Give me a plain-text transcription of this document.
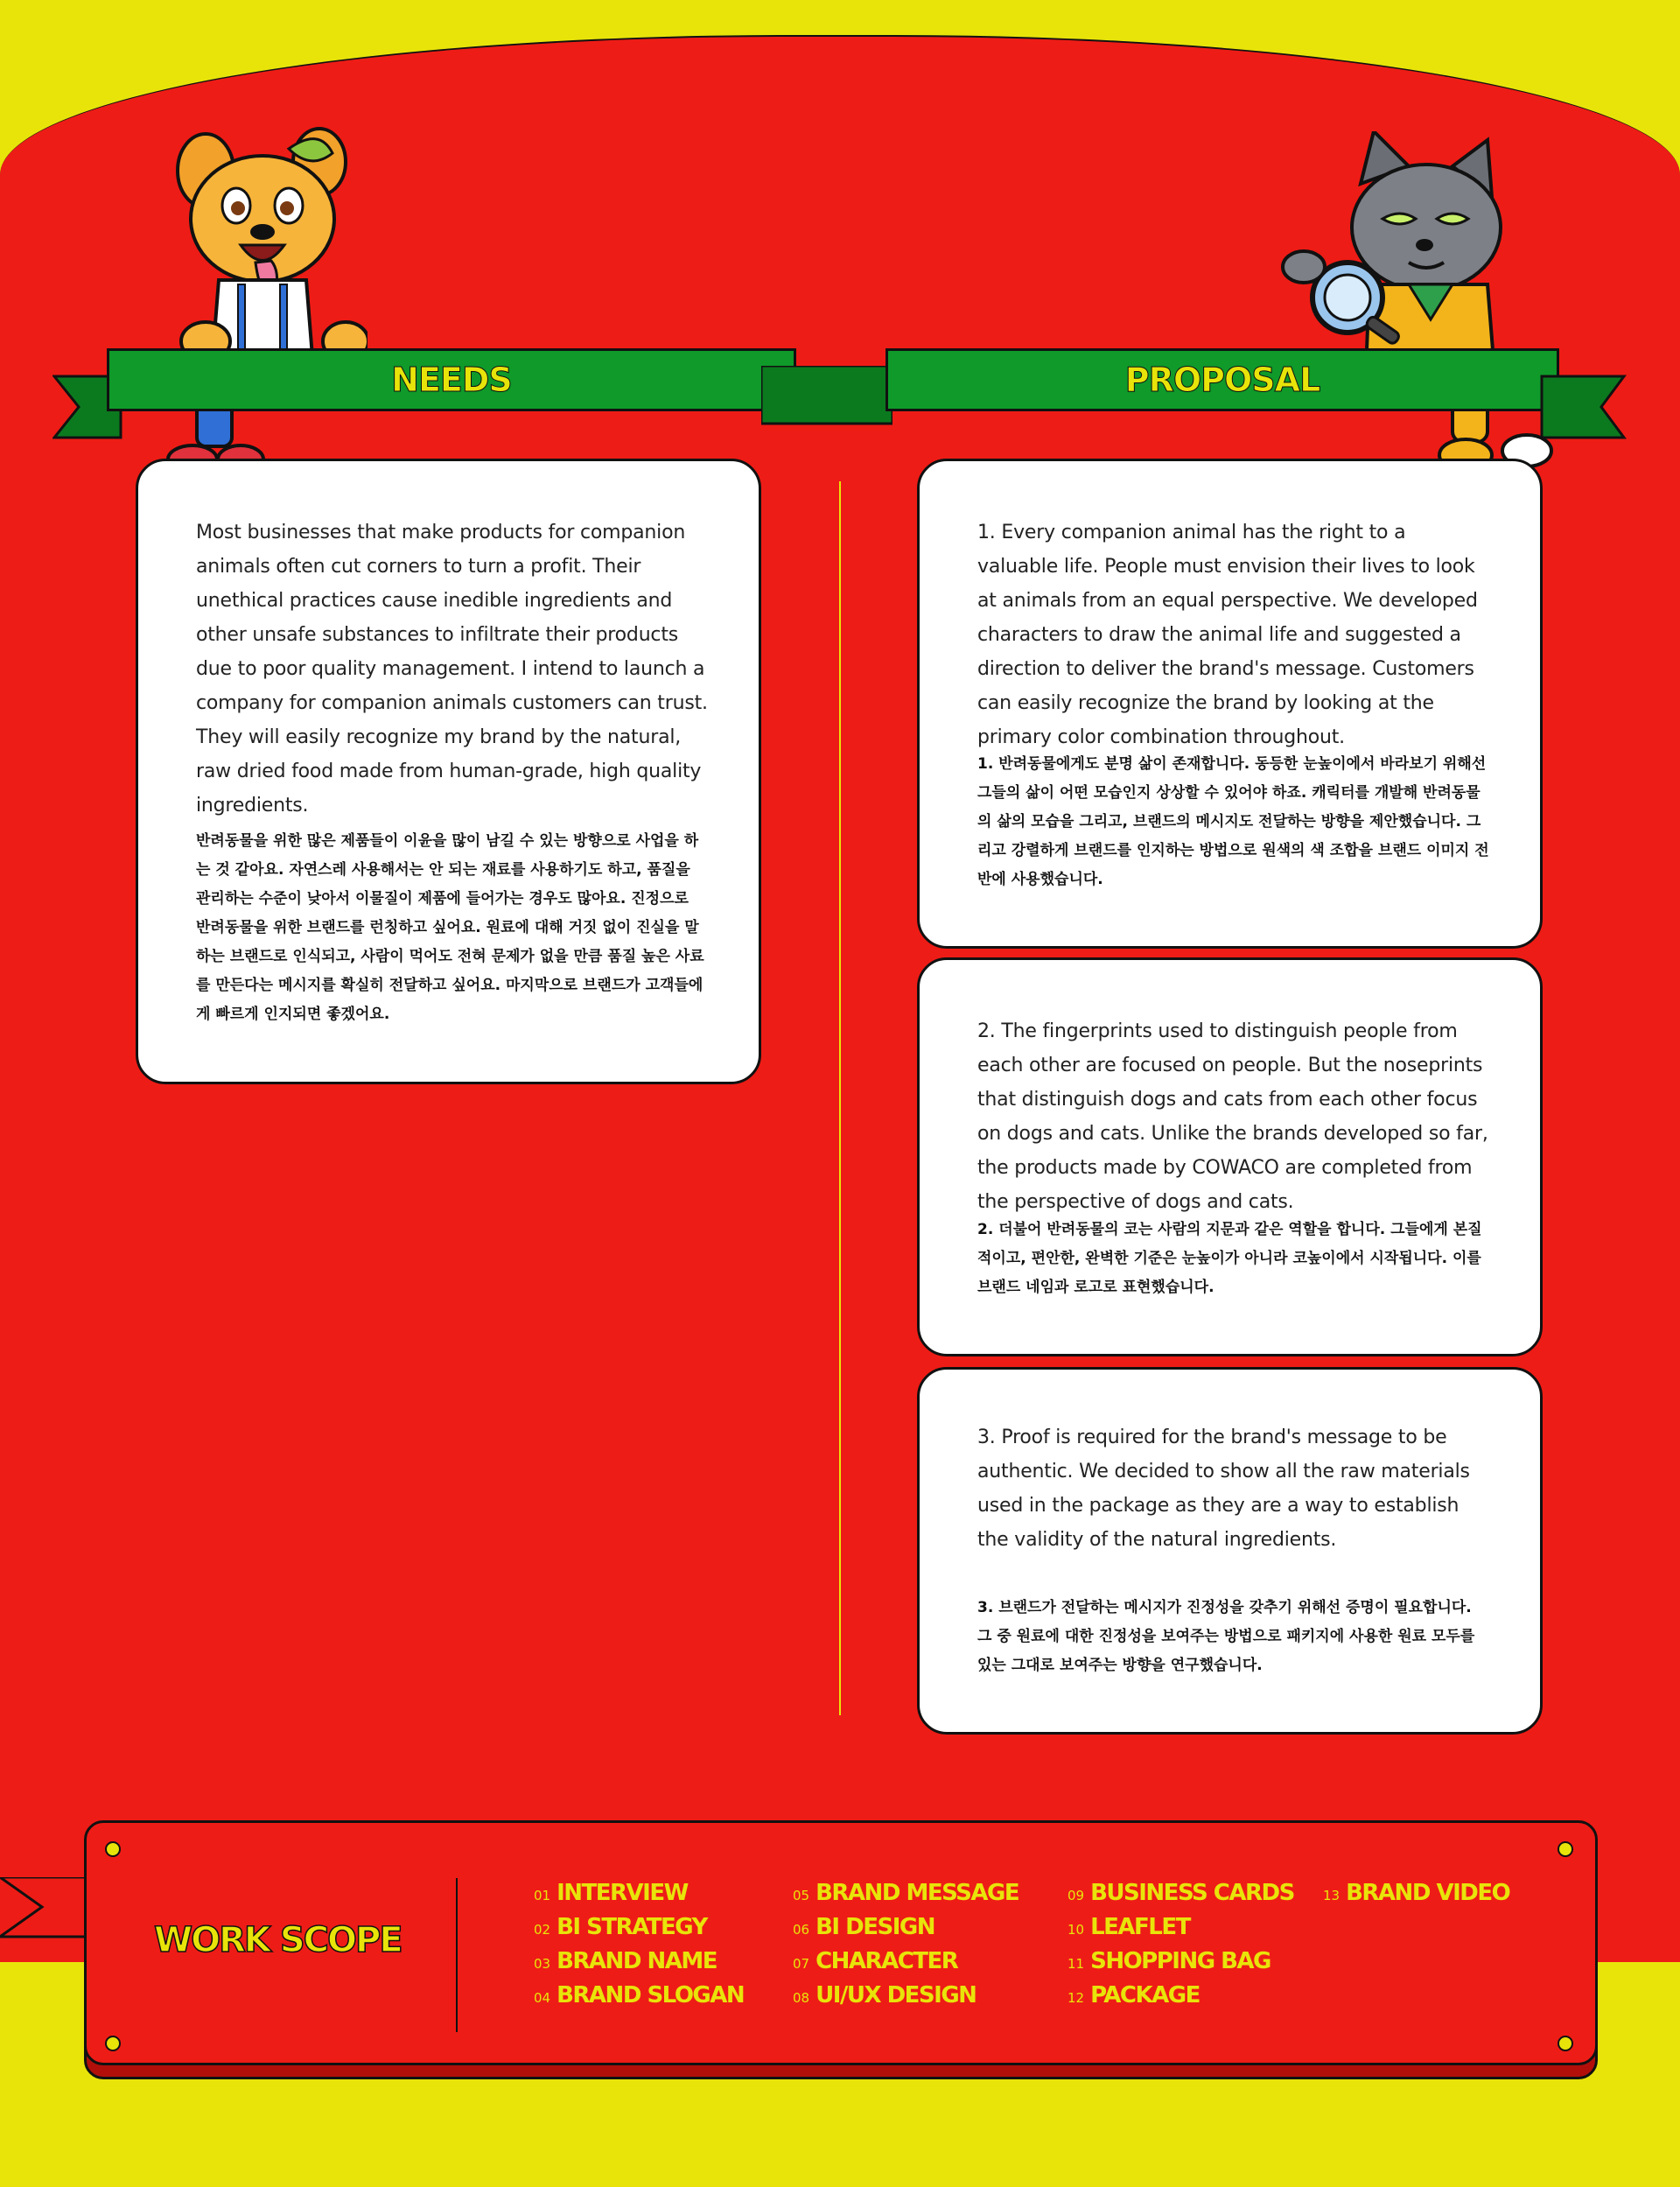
NEEDS	PROPOSAL
Most businesses that make products for companion animals often cut corners to turn a profit. Their unethical practices cause inedible ingredients and other unsafe substances to infiltrate their products due to poor quality management. I intend to launch a company for companion animals customers can trust. They will easily recognize my brand by the natural, raw dried food made from human-grade, high quality ingredients.
반려동물을 위한 많은 제품들이 이윤을 많이 남길 수 있는 방향으로 사업을 하는 것 같아요. 자연스레 사용해서는 안 되는 재료를 사용하기도 하고, 품질을 관리하는 수준이 낮아서 이물질이 제품에 들어가는 경우도 많아요. 진정으로 반려동물을 위한 브랜드를 런칭하고 싶어요. 원료에 대해 거짓 없이 진실을 말하는 브랜드로 인식되고, 사람이 먹어도 전혀 문제가 없을 만큼 품질 높은 사료를 만든다는 메시지를 확실히 전달하고 싶어요. 마지막으로 브랜드가 고객들에게 빠르게 인지되면 좋겠어요.
1. Every companion animal has the right to a valuable life. People must envision their lives to look at animals from an equal perspective. We developed characters to draw the animal life and suggested a direction to deliver the brand's message. Customers can easily recognize the brand by looking at the primary color combination throughout.
1. 반려동물에게도 분명 삶이 존재합니다. 동등한 눈높이에서 바라보기 위해선 그들의 삶이 어떤 모습인지 상상할 수 있어야 하죠. 캐릭터를 개발해 반려동물의 삶의 모습을 그리고, 브랜드의 메시지도 전달하는 방향을 제안했습니다. 그리고 강렬하게 브랜드를 인지하는 방법으로 원색의 색 조합을 브랜드 이미지 전반에 사용했습니다.
2. The fingerprints used to distinguish people from each other are focused on people. But the noseprints that distinguish dogs and cats from each other focus on dogs and cats. Unlike the brands developed so far, the products made by COWACO are completed from the perspective of dogs and cats.
2. 더불어 반려동물의 코는 사람의 지문과 같은 역할을 합니다. 그들에게 본질적이고, 편안한, 완벽한 기준은 눈높이가 아니라 코높이에서 시작됩니다. 이를 브랜드 네임과 로고로 표현했습니다.
3. Proof is required for the brand's message to be authentic. We decided to show all the raw materials used in the package as they are a way to establish the validity of the natural ingredients.
3. 브랜드가 전달하는 메시지가 진정성을 갖추기 위해선 증명이 필요합니다. 그 중 원료에 대한 진정성을 보여주는 방법으로 패키지에 사용한 원료 모두를 있는 그대로 보여주는 방향을 연구했습니다.
WORK SCOPE
01 INTERVIEW
02 BI STRATEGY
03 BRAND NAME
04 BRAND SLOGAN
05 BRAND MESSAGE
06 BI DESIGN
07 CHARACTER
08 UI/UX DESIGN
09 BUSINESS CARDS
10 LEAFLET
11 SHOPPING BAG
12 PACKAGE
13 BRAND VIDEO
